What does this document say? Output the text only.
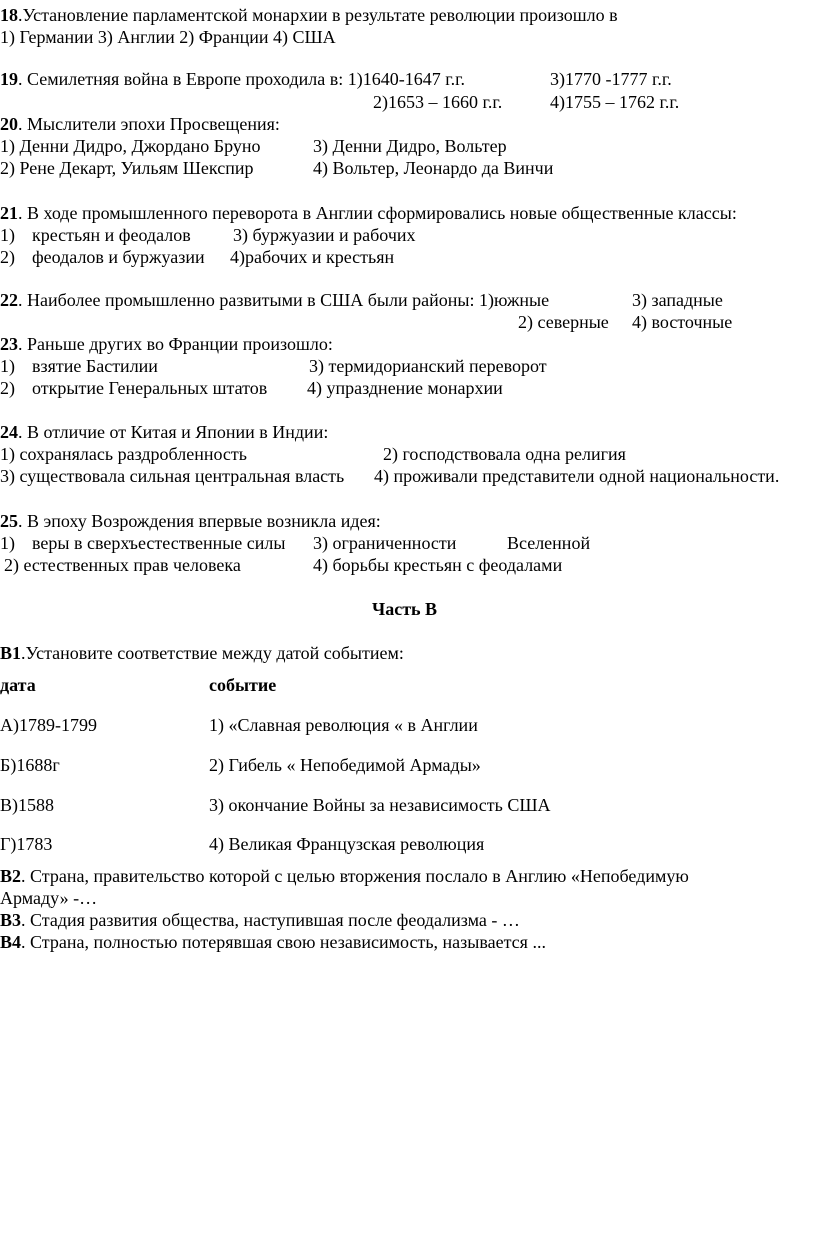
18.Установление парламентской монархии в результате революции произошло в
1) Германии 3) Англии 2) Франции 4) США
19. Семилетняя война в Европе проходила в: 1)1640-1647 г.г.	3)1770 -1777 г.г.
2)1653 – 1660 г.г.	4)1755 – 1762 г.г.
20. Мыслители эпохи Просвещения:
1) Денни Дидро, Джордано Бруно	3) Денни Дидро, Вольтер
2) Рене Декарт, Уильям Шекспир	4) Вольтер, Леонардо да Винчи
21. В ходе промышленного переворота в Англии сформировались новые общественные классы:
1) крестьян и феодалов 3) буржуазии и рабочих
2) феодалов и буржуазии 4)рабочих и крестьян
22. Наиболее промышленно развитыми в США были районы: 1)южные	3) западные
2) северные 4) восточные
23. Раньше других во Франции произошло:
1) взятие Бастилии	3) термидорианский переворот
2) открытие Генеральных штатов 4) упразднение монархии
24. В отличие от Китая и Японии в Индии:
1) сохранялась раздробленность	2) господствовала одна религия
3) существовала сильная центральная власть 4) проживали представители одной национальности.
25. В эпоху Возрождения впервые возникла идея:
1) веры в сверхъестественные силы 3) ограниченности	Вселенной
2) естественных прав человека	4) борьбы крестьян с феодалами
Часть В
В1.Установите соответствие между датой событием:
дата	событие
А)1789-1799	1) «Славная революция « в Англии
Б)1688г	2) Гибель « Непобедимой Армады»
В)1588	3) окончание Войны за независимость США
Г)1783	4) Великая Французская революция
В2. Страна, правительство которой с целью вторжения послало в Англию «Непобедимую
Армаду» -…
В3. Стадия развития общества, наступившая после феодализма - …
В4. Страна, полностью потерявшая свою независимость, называется ...
